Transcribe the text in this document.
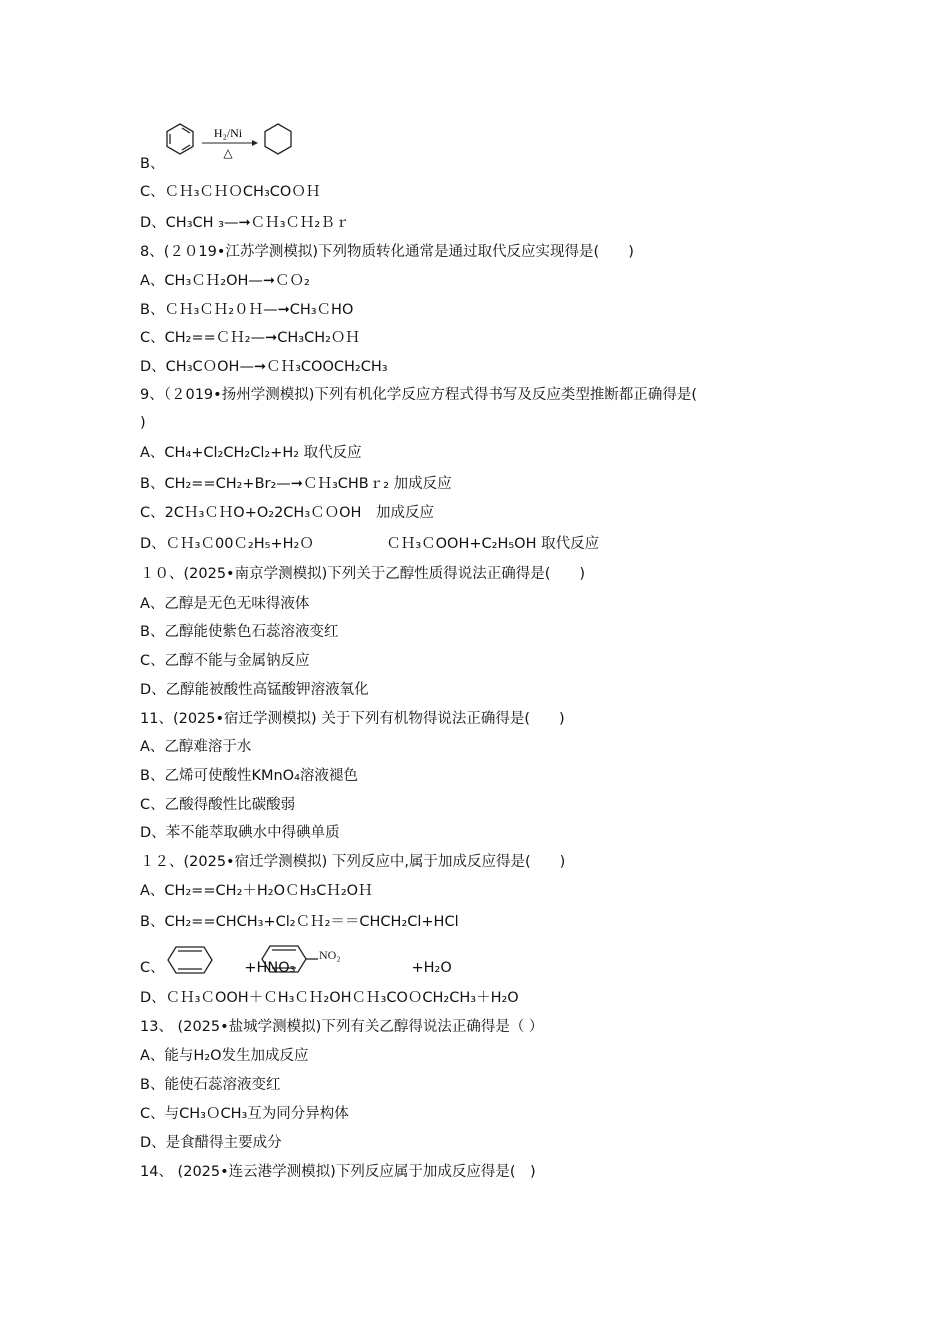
H₂/Ni
△
NO₂
B、
C、ＣＨ₃ＣＨＯCH₃COＯＨ
D、CH₃CH ₃—➞ＣＨ₃ＣＨ₂Ｂｒ
8、(２０19•江苏学测模拟)下列物质转化通常是通过取代反应实现得是(　　)
A、CH₃ＣＨ₂OH—➞ＣＯ₂
B、ＣＨ₃ＣＨ₂０Ｈ—➞CH₃ＣHO
C、CH₂==ＣＨ₂—➞CH₃CH₂ＯＨ
D、CH₃CＯOH—➞ＣＨ₃COOCH₂CH₃
9、（２019•扬州学测模拟)下列有机化学反应方程式得书写及反应类型推断都正确得是(
)
A、CH₄+Cl₂CH₂Cl₂+H₂ 取代反应
B、CH₂==CH₂+Br₂—➞ＣＨ₃CHBｒ₂ 加成反应
C、2CＨ₃ＣＨO+O₂2CH₃ＣＯOH　加成反应
D、ＣＨ₃Ｃ00Ｃ₂H₅+H₂Ｏ　　　　　ＣＨ₃ＣOOH+C₂H₅OH 取代反应
１０、(2025•南京学测模拟)下列关于乙醇性质得说法正确得是(　　)
A、乙醇是无色无味得液体
B、乙醇能使紫色石蕊溶液变红
C、乙醇不能与金属钠反应
D、乙醇能被酸性高锰酸钾溶液氧化
11、(2025•宿迁学测模拟) 关于下列有机物得说法正确得是(　　)
A、乙醇难溶于水
B、乙烯可使酸性KMnO₄溶液褪色
C、乙酸得酸性比碳酸弱
D、苯不能萃取碘水中得碘单质
１２、(2025•宿迁学测模拟) 下列反应中,属于加成反应得是(　　)
A、CH₂==CH₂＋H₂OＣH₃CＨ₂OＨ
B、CH₂==CHCH₃+Cl₂ＣＨ₂＝＝CHCH₂Cl+HCl
C、　　　　　　+HNO₃　　　　　　　　+H₂O
D、ＣＨ₃ＣOOH＋ＣH₃ＣＨ₂OHＣＨ₃COＯCH₂CH₃＋H₂O
13、 (2025•盐城学测模拟)下列有关乙醇得说法正确得是（ ）
A、能与H₂O发生加成反应
B、能使石蕊溶液变红
C、与CH₃ＯCH₃互为同分异构体
D、是食醋得主要成分
14、 (2025•连云港学测模拟)下列反应属于加成反应得是(　)
